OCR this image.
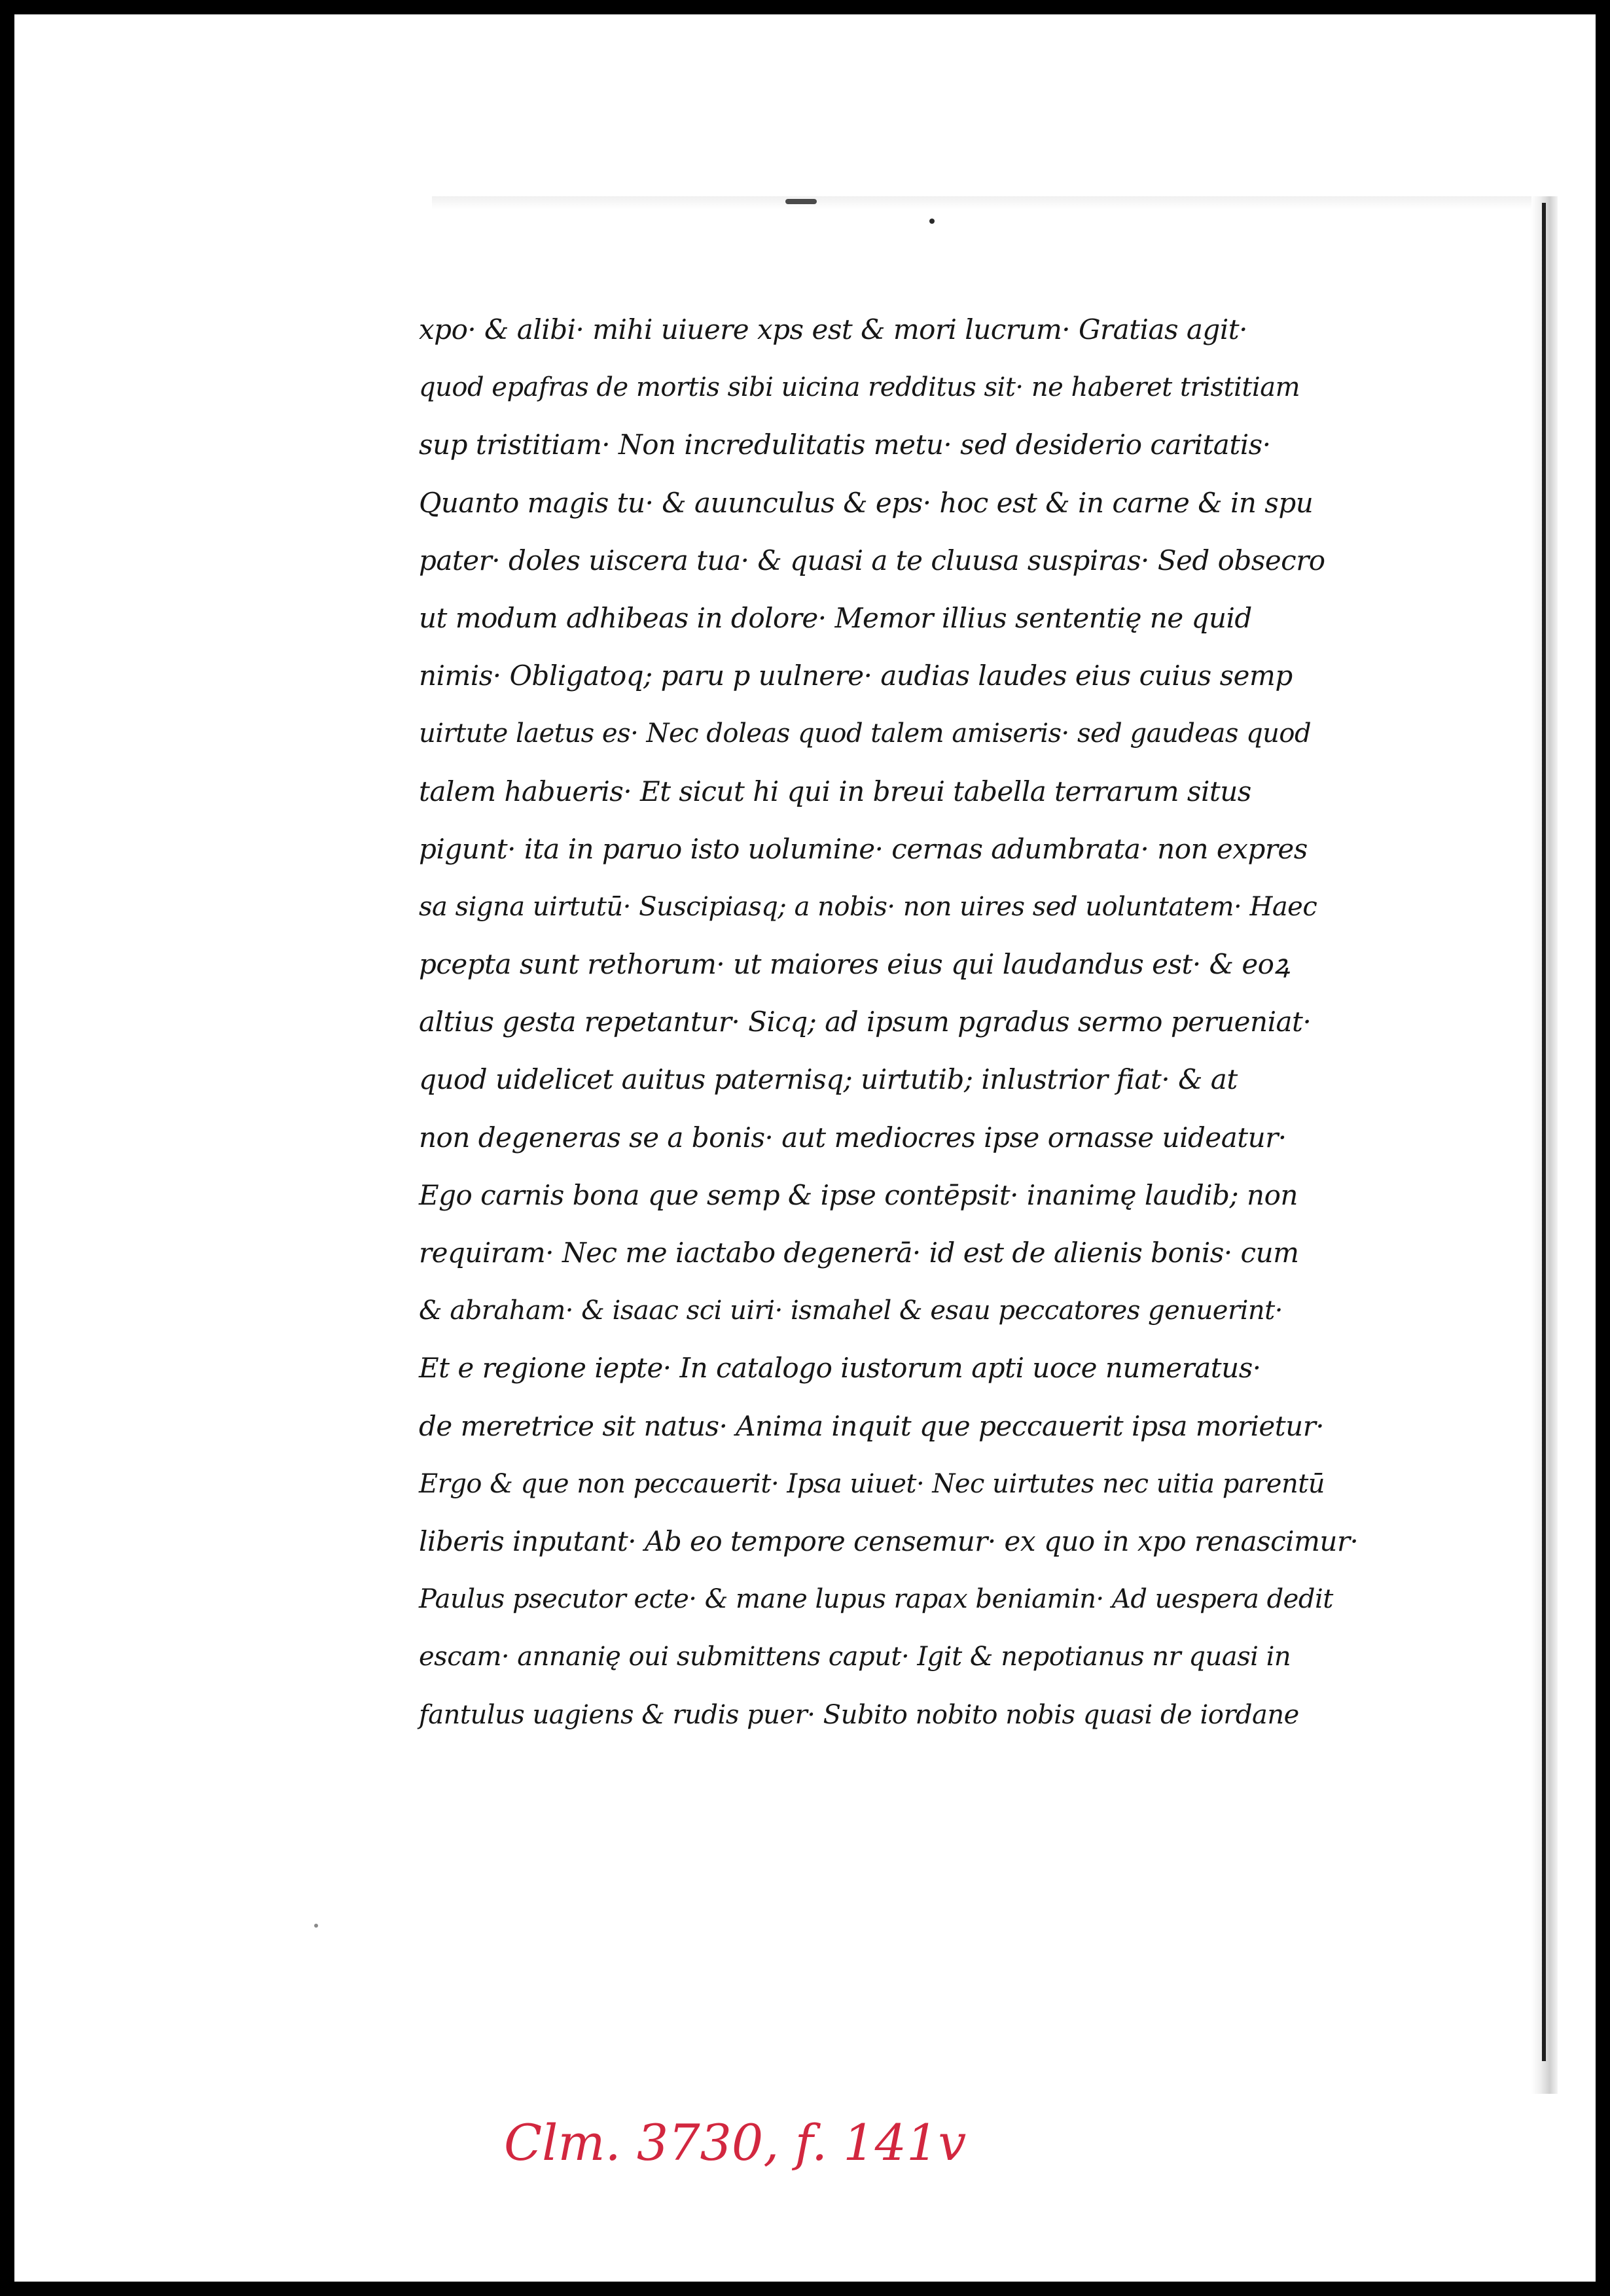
xpo· & alibi· mihi uiuere xps est & mori lucrum· Gratias agit·
quod epafras de mortis sibi uicina redditus sit· ne haberet tristitiam
sup tristitiam· Non incredulitatis metu· sed desiderio caritatis·
Quanto magis tu· & auunculus & eps· hoc est & in carne & in spu
pater· doles uiscera tua· & quasi a te cluusa suspiras· Sed obsecro
ut modum adhibeas in dolore· Memor illius sententię ne quid
nimis· Obligatoq; paru p uulnere· audias laudes eius cuius semp
uirtute laetus es· Nec doleas quod talem amiseris· sed gaudeas quod
talem habueris· Et sicut hi qui in breui tabella terrarum situs
pigunt· ita in paruo isto uolumine· cernas adumbrata· non expres
sa signa uirtutū· Suscipiasq; a nobis· non uires sed uoluntatem· Haec
pcepta sunt rethorum· ut maiores eius qui laudandus est· & eoꝝ
altius gesta repetantur· Sicq; ad ipsum pgradus sermo perueniat·
quod uidelicet auitus paternisq; uirtutib; inlustrior fiat· & at
non degeneras se a bonis· aut mediocres ipse ornasse uideatur·
Ego carnis bona que semp & ipse contēpsit· inanimę laudib; non
requiram· Nec me iactabo degenerā· id est de alienis bonis· cum
& abraham· & isaac sci uiri· ismahel & esau peccatores genuerint·
Et e regione iepte· In catalogo iustorum apti uoce numeratus·
de meretrice sit natus· Anima inquit que peccauerit ipsa morietur·
Ergo & que non peccauerit· Ipsa uiuet· Nec uirtutes nec uitia parentū
liberis inputant· Ab eo tempore censemur· ex quo in xpo renascimur·
Paulus psecutor ecte· & mane lupus rapax beniamin· Ad uespera dedit
escam· annanię oui submittens caput· Igit & nepotianus nr quasi in
fantulus uagiens & rudis puer· Subito nobito nobis quasi de iordane
Clm. 3730, f. 141v
